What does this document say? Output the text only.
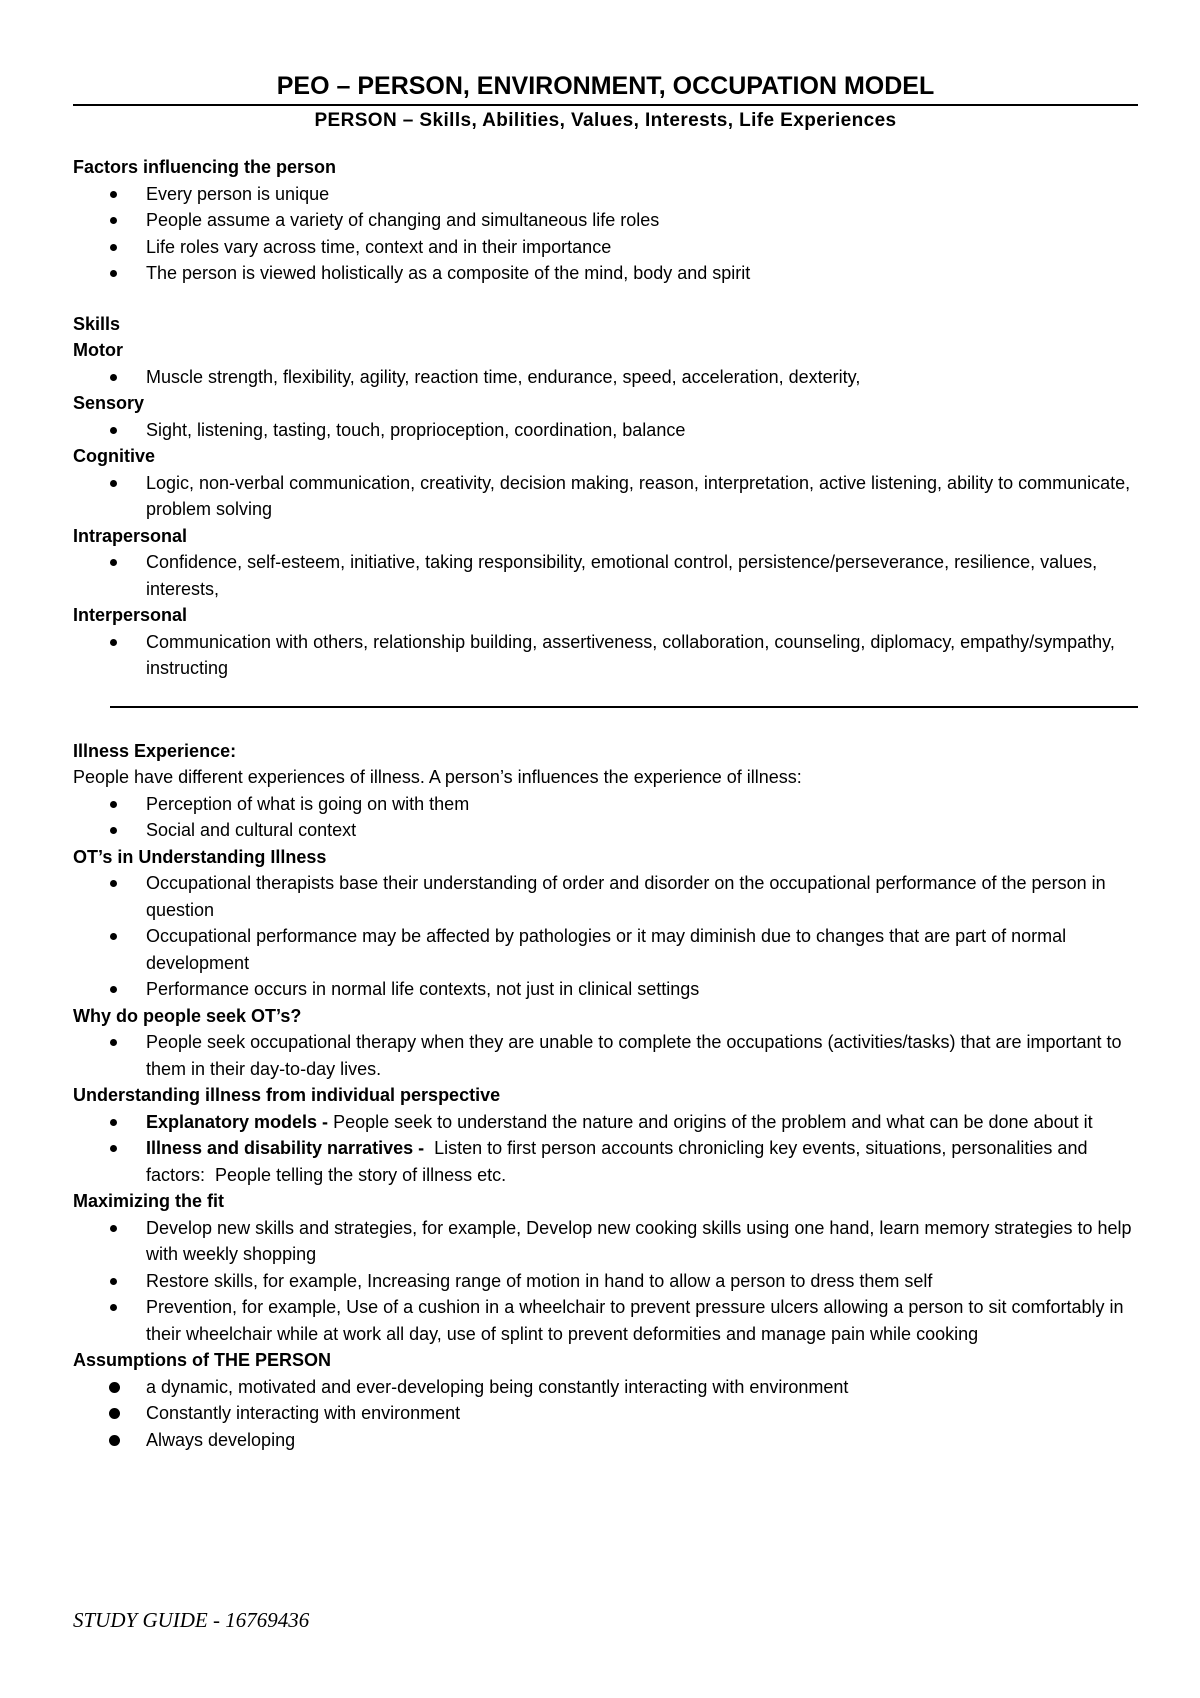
PEO – PERSON, ENVIRONMENT, OCCUPATION MODEL
PERSON – Skills, Abilities, Values, Interests, Life Experiences

Factors influencing the person

Every person is unique
People assume a variety of changing and simultaneous life roles
Life roles vary across time, context and in their importance
The person is viewed holistically as a composite of the mind, body and spirit

Skills

Motor

Muscle strength, flexibility, agility, reaction time, endurance, speed, acceleration, dexterity,

Sensory

Sight, listening, tasting, touch, proprioception, coordination, balance

Cognitive

Logic, non-verbal communication, creativity, decision making, reason, interpretation, active listening, ability to communicate, problem solving

Intrapersonal

Confidence, self-esteem, initiative, taking responsibility, emotional control, persistence/perseverance, resilience, values, interests,

Interpersonal

Communication with others, relationship building, assertiveness, collaboration, counseling, diplomacy, empathy/sympathy, instructing

Illness Experience:

People have different experiences of illness. A person’s influences the experience of illness:

Perception of what is going on with them
Social and cultural context

OT’s in Understanding Illness

Occupational therapists base their understanding of order and disorder on the occupational performance of the person in question
Occupational performance may be affected by pathologies or it may diminish due to changes that are part of normal development
Performance occurs in normal life contexts, not just in clinical settings

Why do people seek OT’s?

People seek occupational therapy when they are unable to complete the occupations (activities/tasks) that are important to them in their day-to-day lives.

Understanding illness from individual perspective

Explanatory models - People seek to understand the nature and origins of the problem and what can be done about it
Illness and disability narratives -  Listen to first person accounts chronicling key events, situations, personalities and factors:  People telling the story of illness etc.

Maximizing the fit

Develop new skills and strategies, for example, Develop new cooking skills using one hand, learn memory strategies to help with weekly shopping
Restore skills, for example, Increasing range of motion in hand to allow a person to dress them self
Prevention, for example, Use of a cushion in a wheelchair to prevent pressure ulcers allowing a person to sit comfortably in their wheelchair while at work all day, use of splint to prevent deformities and manage pain while cooking

Assumptions of THE PERSON

a dynamic, motivated and ever-developing being constantly interacting with environment
Constantly interacting with environment
Always developing
STUDY GUIDE - 16769436
